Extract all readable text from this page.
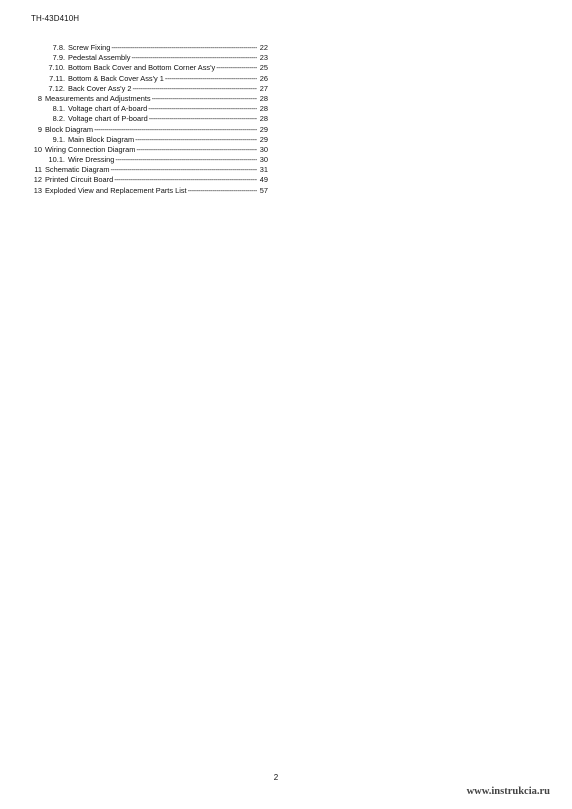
TH-43D410H
7.8. Screw Fixing -----	22
7.9. Pedestal Assembly -----	23
7.10. Bottom Back Cover and Bottom Corner Ass'y -----	25
7.11. Bottom & Back Cover Ass'y 1 -----	26
7.12. Back Cover Ass'y 2 -----	27
8 Measurements and Adjustments -----	28
8.1. Voltage chart of A-board -----	28
8.2. Voltage chart of P-board -----	28
9 Block Diagram -----	29
9.1. Main Block Diagram -----	29
10 Wiring Connection Diagram -----	30
10.1. Wire Dressing -----	30
11 Schematic Diagram -----	31
12 Printed Circuit Board -----	49
13 Exploded View and Replacement Parts List -----	57
2
www.instrukcia.ru
